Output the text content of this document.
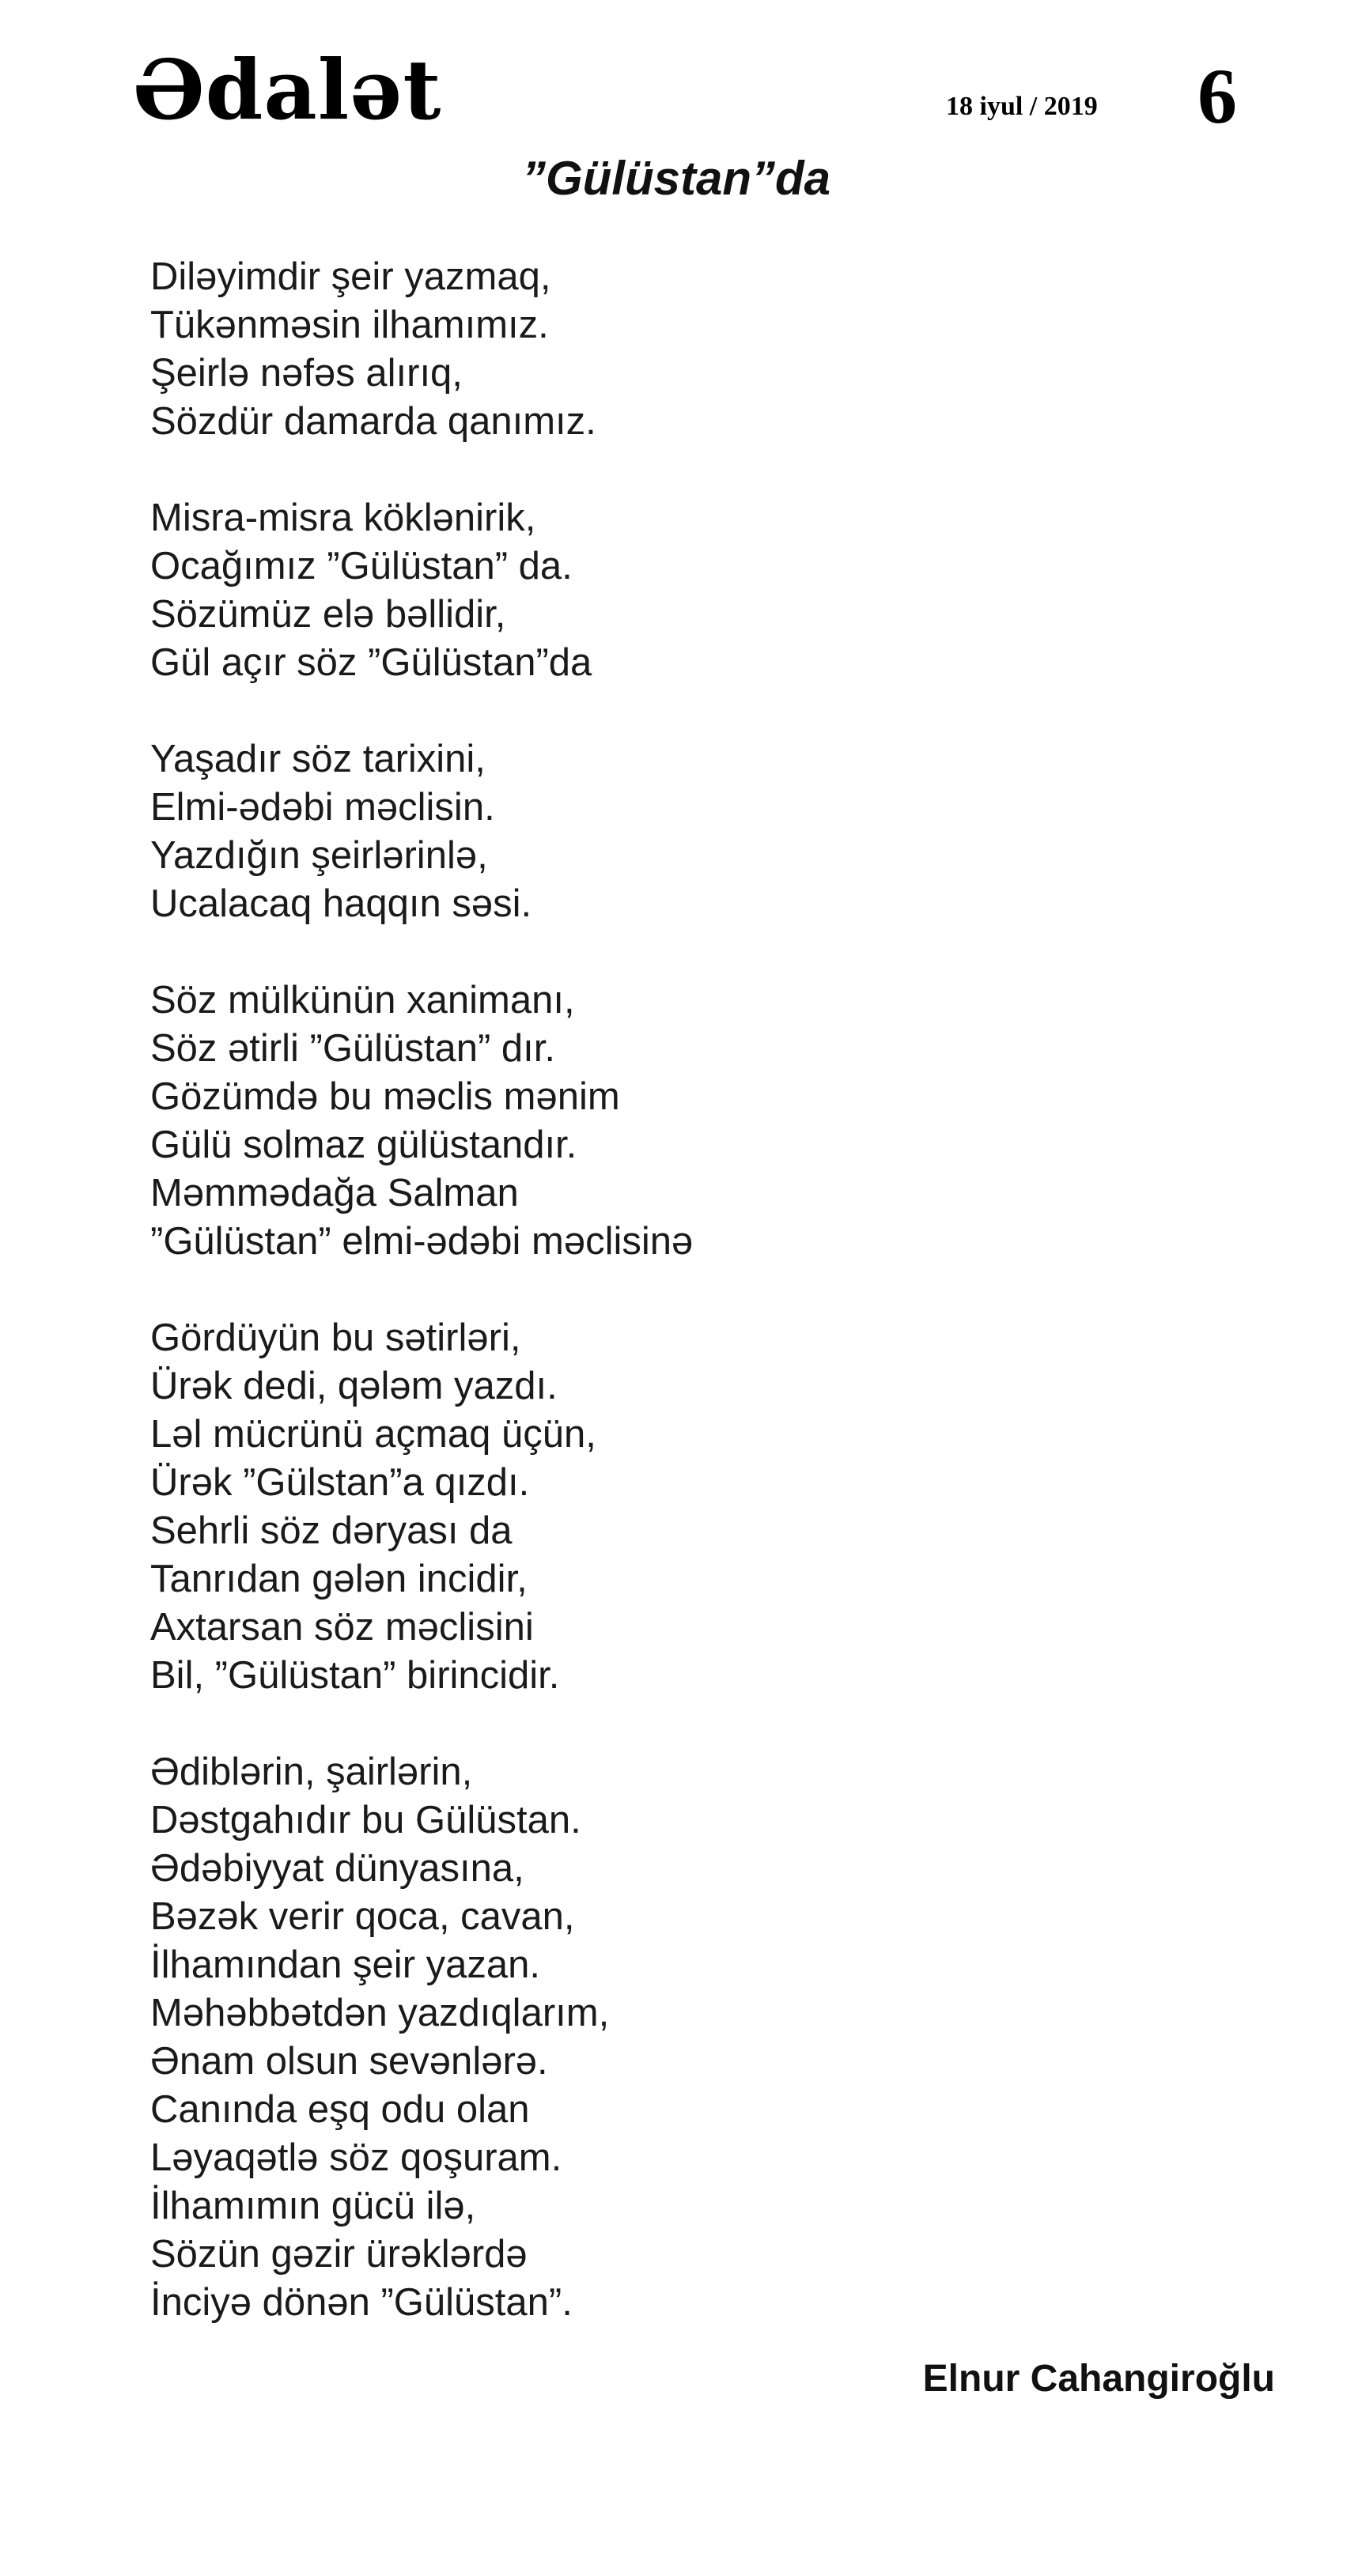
Ədalət	18 iyul / 2019 6
”Gülüstan”da
Diləyimdir şeir yazmaq,
Tükənməsin ilhamımız.
Şeirlə nəfəs alırıq,
Sözdür damarda qanımız.
Misra-misra köklənirik,
Ocağımız ”Gülüstan” da.
Sözümüz elə bəllidir,
Gül açır söz ”Gülüstan”da
Yaşadır söz tarixini,
Elmi-ədəbi məclisin.
Yazdığın şeirlərinlə,
Ucalacaq haqqın səsi.
Söz mülkünün xanimanı,
Söz ətirli ”Gülüstan” dır.
Gözümdə bu məclis mənim
Gülü solmaz gülüstandır.
Məmmədağa Salman
”Gülüstan” elmi-ədəbi məclisinə
Gördüyün bu sətirləri,
Ürək dedi, qələm yazdı.
Ləl mücrünü açmaq üçün,
Ürək ”Gülstan”a qızdı.
Sehrli söz dəryası da
Tanrıdan gələn incidir,
Axtarsan söz məclisini
Bil, ”Gülüstan” birincidir.
Ədiblərin, şairlərin,
Dəstgahıdır bu Gülüstan.
Ədəbiyyat dünyasına,
Bəzək verir qoca, cavan,
İlhamından şeir yazan.
Məhəbbətdən yazdıqlarım,
Ənam olsun sevənlərə.
Canında eşq odu olan
Ləyaqətlə söz qoşuram.
İlhamımın gücü ilə,
Sözün gəzir ürəklərdə
İnciyə dönən ”Gülüstan”.
Elnur Cahangiroğlu
